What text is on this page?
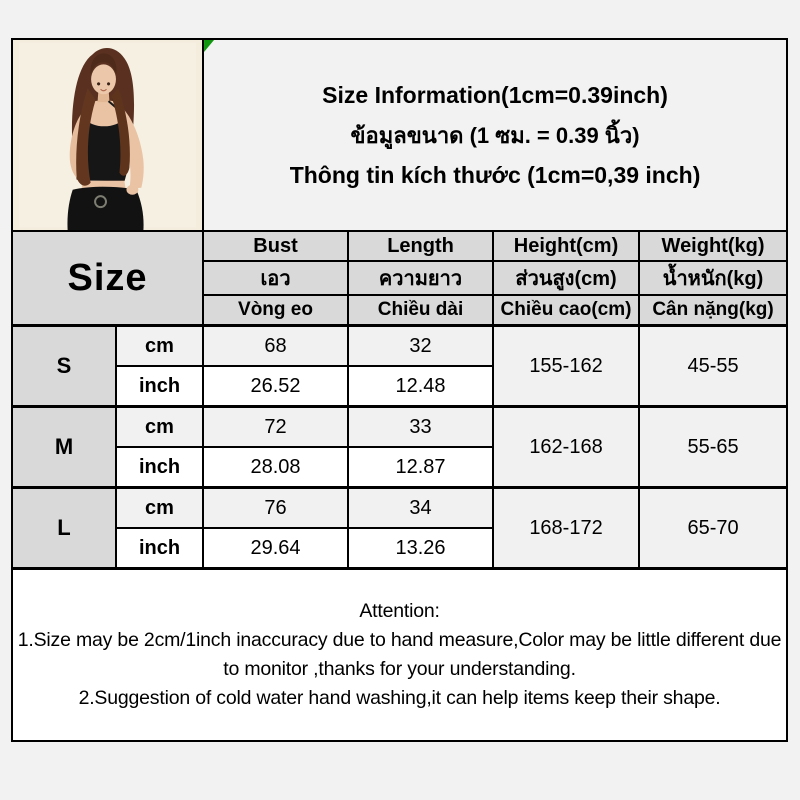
Size Information(1cm=0.39inch)
ข้อมูลขนาด (1 ซม. = 0.39 นิ้ว)
Thông tin kích thước (1cm=0,39 inch)			

Size		Bust	Length	Height(cm)	Weight(kg)
		เอว	ความยาว	ส่วนสูง(cm)	น้ำหนัก(kg)
		Vòng eo	Chiều dài	Chiều cao(cm)	Cân nặng(kg)
S	cm	68	32	155-162	45-55
	inch	26.52	12.48		
M	cm	72	33	162-168	55-65
	inch	28.08	12.87		
L	cm	76	34	168-172	65-70
	inch	29.64	13.26		

Attention:

1.Size may be 2cm/1inch inaccuracy due to hand measure,Color may be little different due to monitor ,thanks for your understanding.

2.Suggestion of cold water hand washing,it can help items keep their shape.					
